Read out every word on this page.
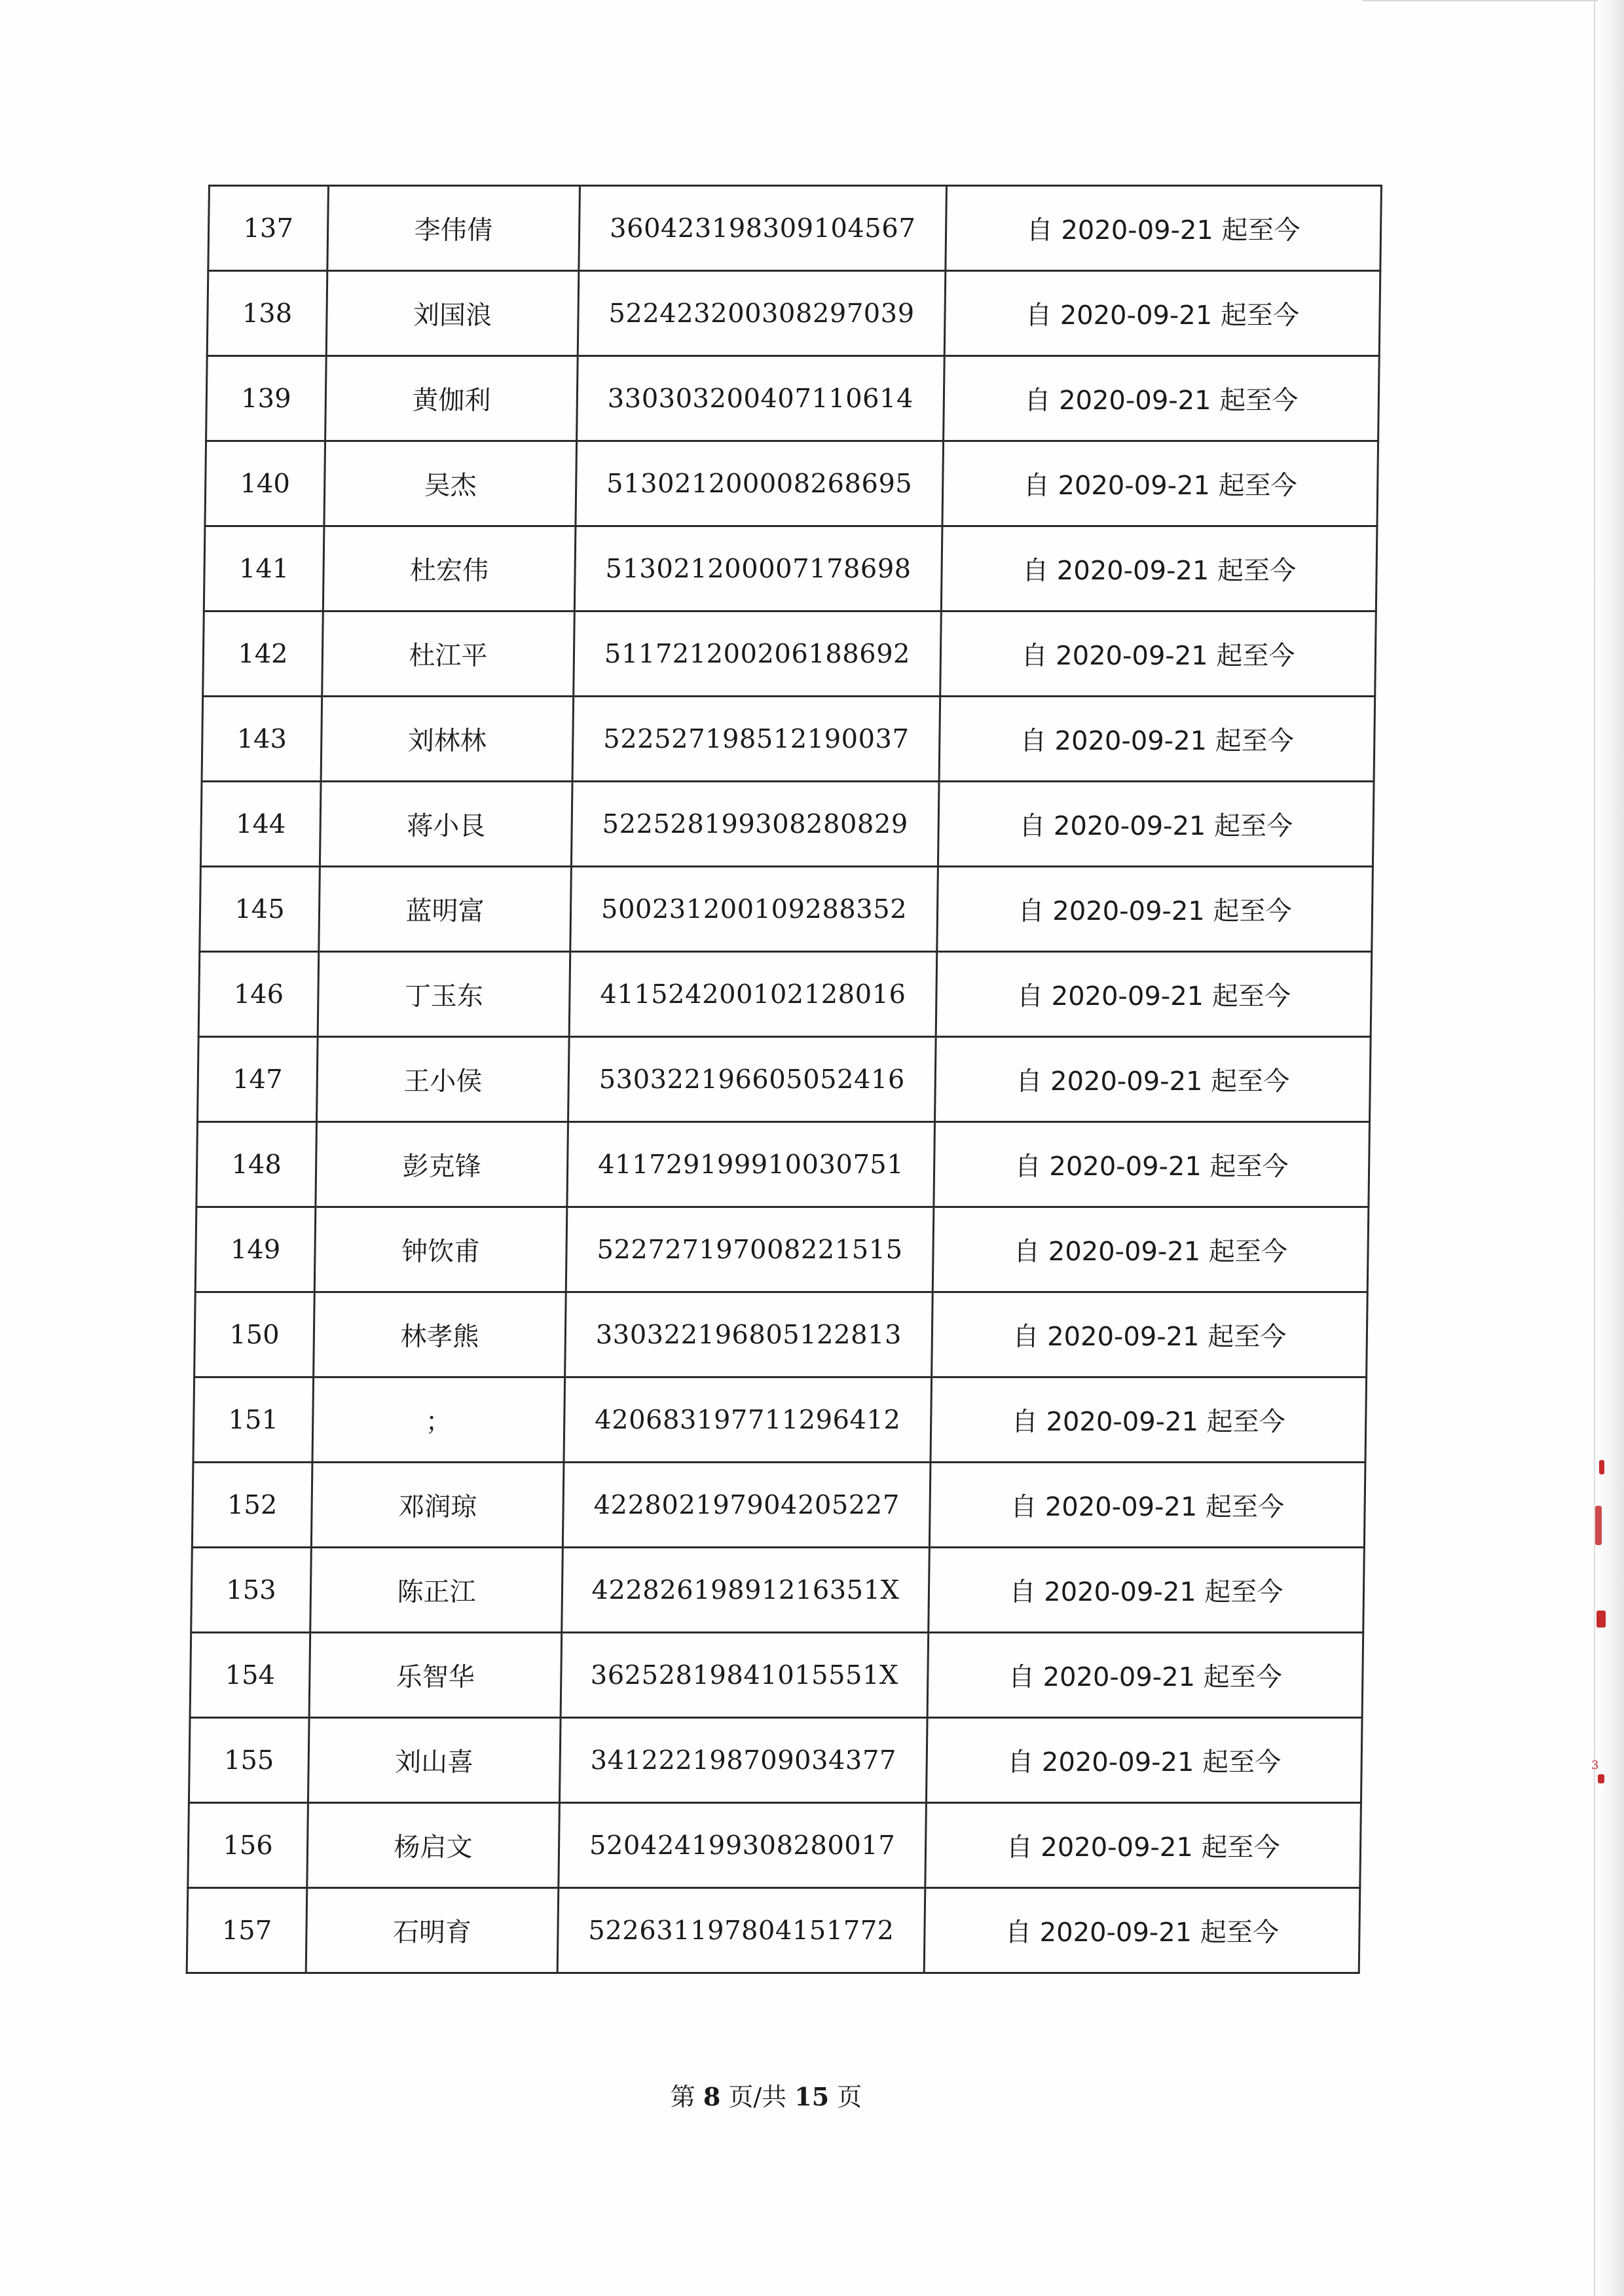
3
137	李伟倩	360423198309104567	自 2020-09-21 起至今
138	刘国浪	522423200308297039	自 2020-09-21 起至今
139	黄伽利	330303200407110614	自 2020-09-21 起至今
140	吴杰	513021200008268695	自 2020-09-21 起至今
141	杜宏伟	513021200007178698	自 2020-09-21 起至今
142	杜江平	511721200206188692	自 2020-09-21 起至今
143	刘林林	522527198512190037	自 2020-09-21 起至今
144	蒋小艮	522528199308280829	自 2020-09-21 起至今
145	蓝明富	500231200109288352	自 2020-09-21 起至今
146	丁玉东	411524200102128016	自 2020-09-21 起至今
147	王小侯	530322196605052416	自 2020-09-21 起至今
148	彭克锋	411729199910030751	自 2020-09-21 起至今
149	钟饮甫	522727197008221515	自 2020-09-21 起至今
150	林孝熊	330322196805122813	自 2020-09-21 起至今
151	；	420683197711296412	自 2020-09-21 起至今
152	邓润琼	422802197904205227	自 2020-09-21 起至今
153	陈正江	42282619891216351X	自 2020-09-21 起至今
154	乐智华	36252819841015551X	自 2020-09-21 起至今
155	刘山喜	341222198709034377	自 2020-09-21 起至今
156	杨启文	520424199308280017	自 2020-09-21 起至今
157	石明育	522631197804151772	自 2020-09-21 起至今
第 8 页/共 15 页
